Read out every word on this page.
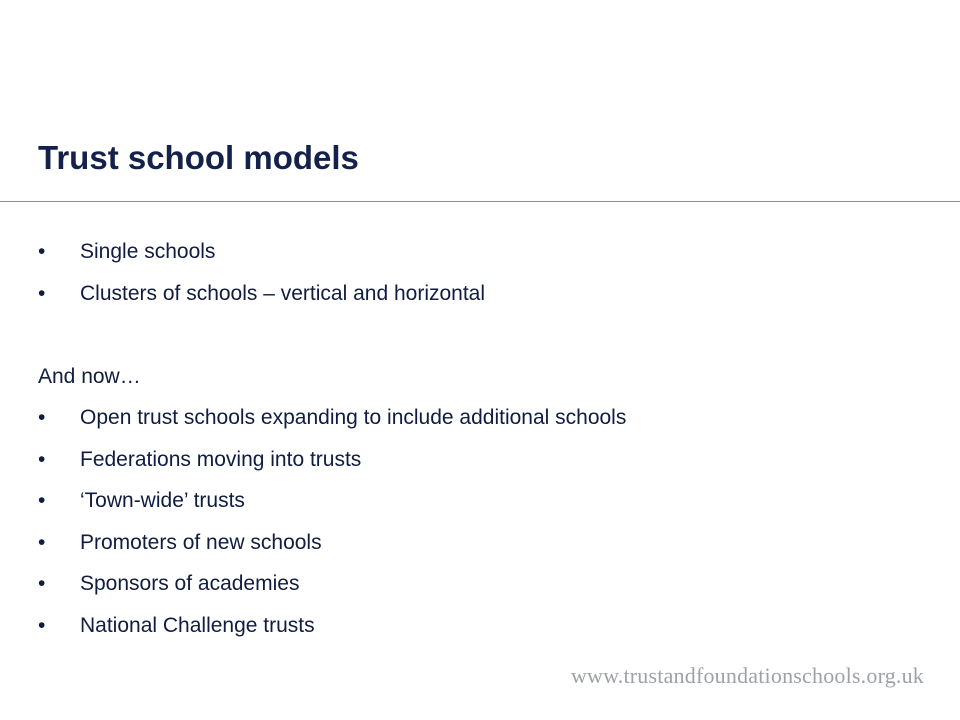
Trust school models
• Single schools
• Clusters of schools – vertical and horizontal
And now…
• Open trust schools expanding to include additional schools
• Federations moving into trusts
• ‘Town-wide’ trusts
• Promoters of new schools
• Sponsors of academies
• National Challenge trusts
www.trustandfoundationschools.org.uk
